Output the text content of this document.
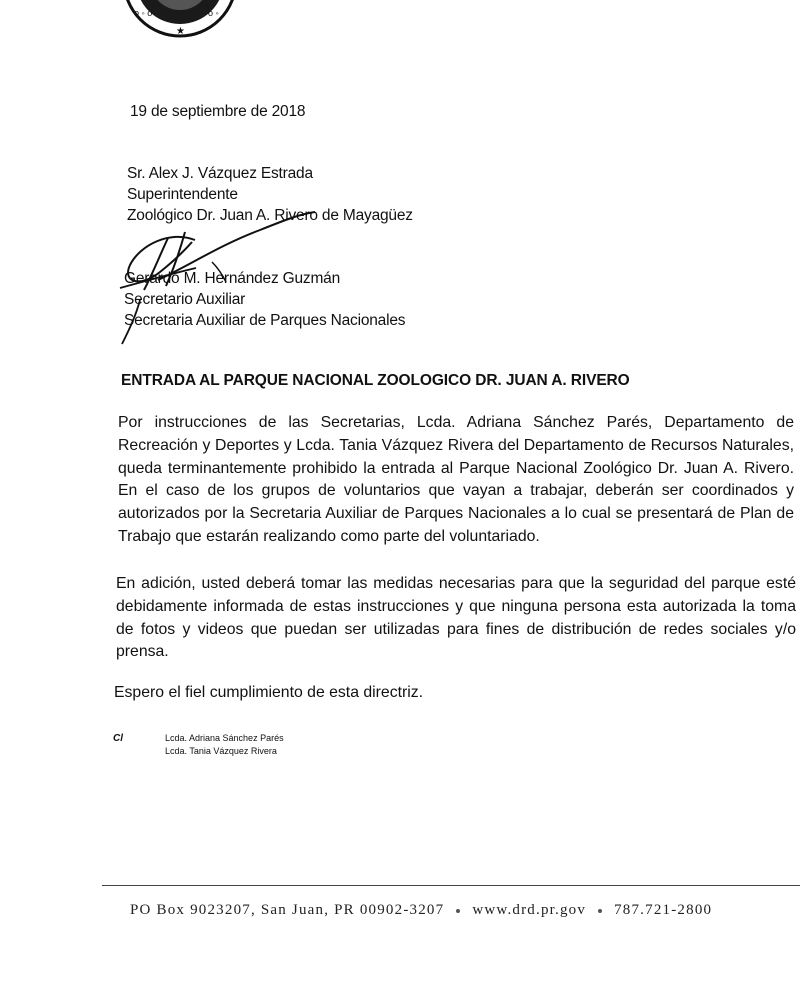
o ◦ o	o ◦
★
19 de septiembre de 2018
Sr. Alex J. Vázquez Estrada
Superintendente
Zoológico Dr. Juan A. Rivero de Mayagüez
Gerardo M. Hernández Guzmán
Secretario Auxiliar
Secretaria Auxiliar de Parques Nacionales
ENTRADA AL PARQUE NACIONAL ZOOLOGICO DR. JUAN A. RIVERO
Por instrucciones de las Secretarias, Lcda. Adriana Sánchez Parés, Departamento de Recreación y Deportes y Lcda. Tania Vázquez Rivera del Departamento de Recursos Naturales, queda terminantemente prohibido la entrada al Parque Nacional Zoológico Dr. Juan A. Rivero. En el caso de los grupos de voluntarios que vayan a trabajar, deberán ser coordinados y autorizados por la Secretaria Auxiliar de Parques Nacionales a lo cual se presentará de Plan de Trabajo que estarán realizando como parte del voluntariado.
En adición, usted deberá tomar las medidas necesarias para que la seguridad del parque esté debidamente informada de estas instrucciones y que ninguna persona esta autorizada la toma de fotos y videos que puedan ser utilizadas para fines de distribución de redes sociales y/o prensa.
Espero el fiel cumplimiento de esta directriz.
Cl	Lcda. Adriana Sánchez Parés
Lcda. Tania Vázquez Rivera
PO Box 9023207, San Juan, PR 00902-3207 www.drd.pr.gov 787.721-2800
